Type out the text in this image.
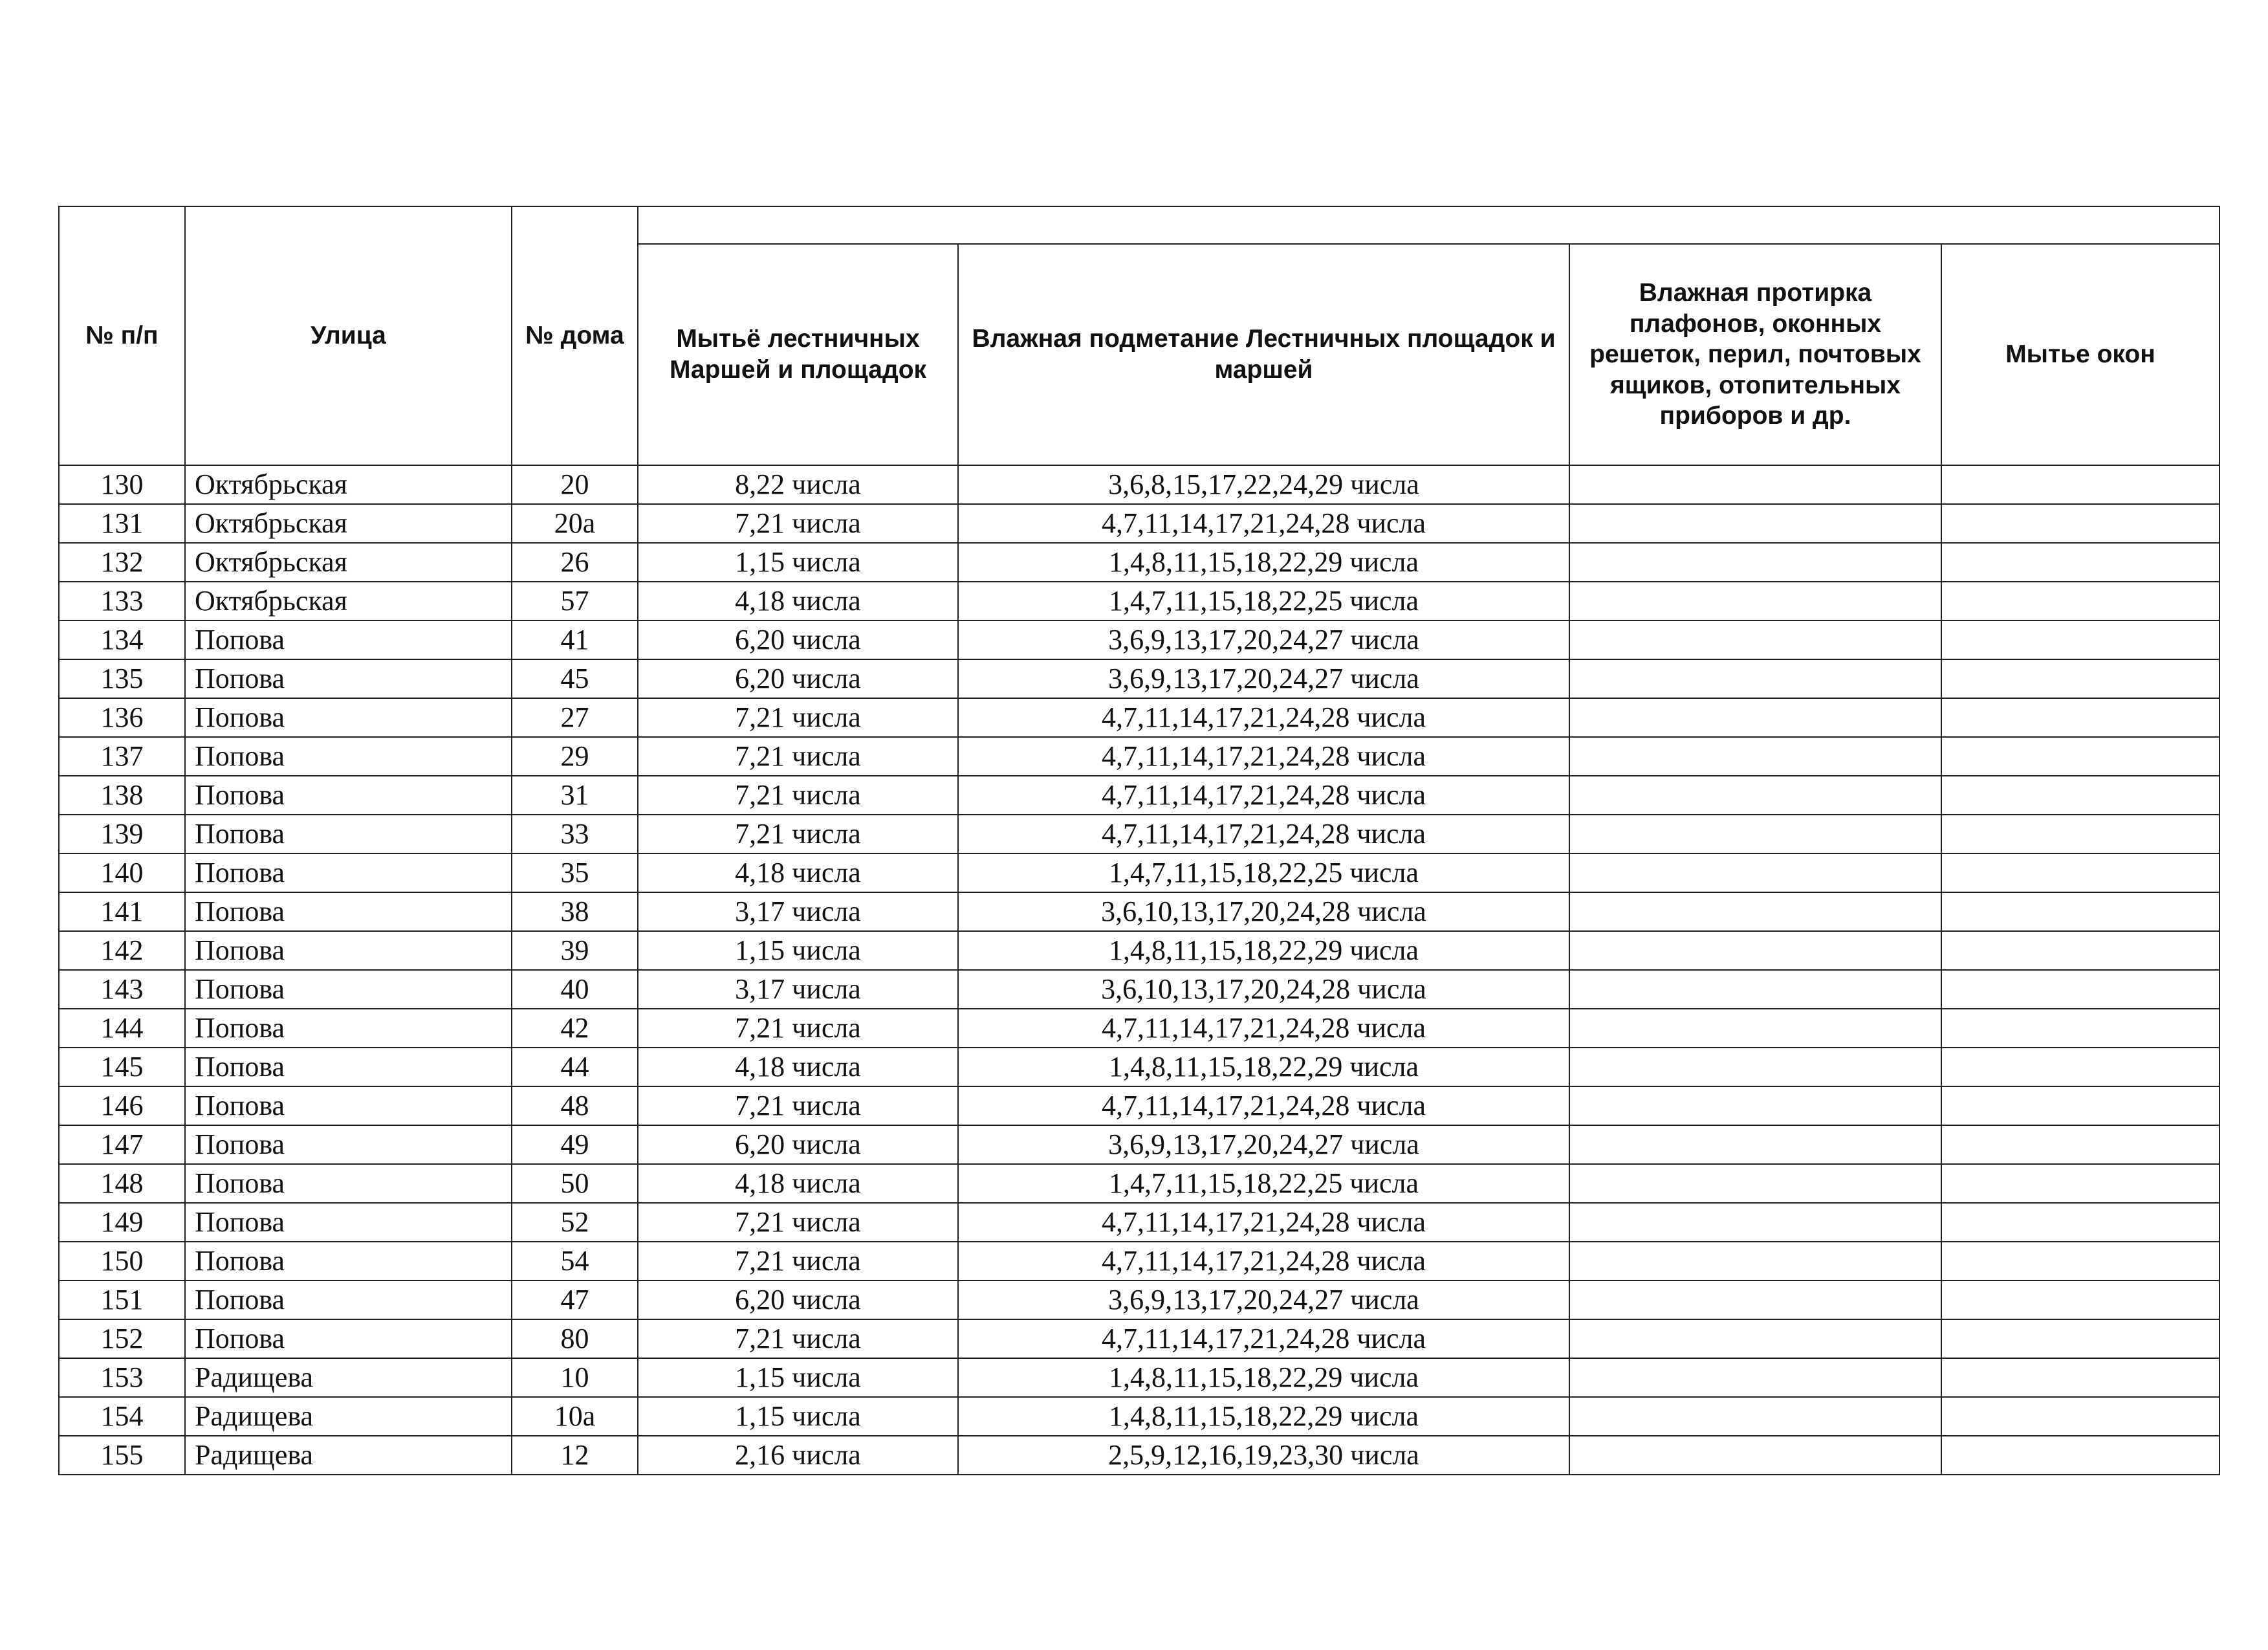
№ п/п	Улица	№ дома				
			Мытьё лестничных Маршей и площадок	Влажная подметание Лестничных площадок и маршей	Влажная протирка плафонов, оконных решеток, перил, почтовых ящиков, отопительных приборов и др.	Мытье окон
130	Октябрьская	20	8,22 числа	3,6,8,15,17,22,24,29 числа		
131	Октябрьская	20а	7,21 числа	4,7,11,14,17,21,24,28 числа		
132	Октябрьская	26	1,15 числа	1,4,8,11,15,18,22,29 числа		
133	Октябрьская	57	4,18 числа	1,4,7,11,15,18,22,25 числа		
134	Попова	41	6,20 числа	3,6,9,13,17,20,24,27 числа		
135	Попова	45	6,20 числа	3,6,9,13,17,20,24,27 числа		
136	Попова	27	7,21 числа	4,7,11,14,17,21,24,28 числа		
137	Попова	29	7,21 числа	4,7,11,14,17,21,24,28 числа		
138	Попова	31	7,21 числа	4,7,11,14,17,21,24,28 числа		
139	Попова	33	7,21 числа	4,7,11,14,17,21,24,28 числа		
140	Попова	35	4,18 числа	1,4,7,11,15,18,22,25 числа		
141	Попова	38	3,17 числа	3,6,10,13,17,20,24,28 числа		
142	Попова	39	1,15 числа	1,4,8,11,15,18,22,29 числа		
143	Попова	40	3,17 числа	3,6,10,13,17,20,24,28 числа		
144	Попова	42	7,21 числа	4,7,11,14,17,21,24,28 числа		
145	Попова	44	4,18 числа	1,4,8,11,15,18,22,29 числа		
146	Попова	48	7,21 числа	4,7,11,14,17,21,24,28 числа		
147	Попова	49	6,20 числа	3,6,9,13,17,20,24,27 числа		
148	Попова	50	4,18 числа	1,4,7,11,15,18,22,25 числа		
149	Попова	52	7,21 числа	4,7,11,14,17,21,24,28 числа		
150	Попова	54	7,21 числа	4,7,11,14,17,21,24,28 числа		
151	Попова	47	6,20 числа	3,6,9,13,17,20,24,27 числа		
152	Попова	80	7,21 числа	4,7,11,14,17,21,24,28 числа		
153	Радищева	10	1,15 числа	1,4,8,11,15,18,22,29 числа		
154	Радищева	10а	1,15 числа	1,4,8,11,15,18,22,29 числа		
155	Радищева	12	2,16 числа	2,5,9,12,16,19,23,30 числа		
